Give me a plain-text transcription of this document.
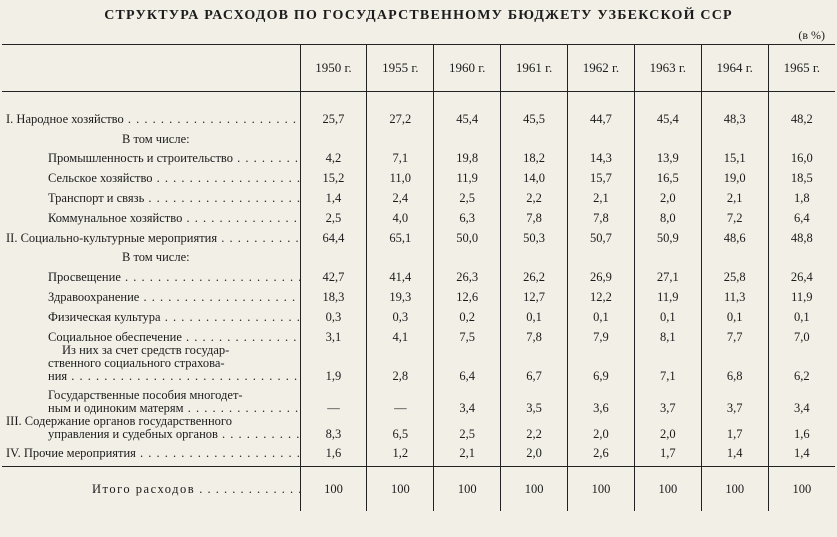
СТРУКТУРА РАСХОДОВ ПО ГОСУДАРСТВЕННОМУ БЮДЖЕТУ УЗБЕКСКОЙ ССР
(в %)
	1950 г.	1955 г.	1960 г.	1961 г.	1962 г.	1963 г.	1964 г.	1965 г.

I. Народное хозяйство . . .	25,7	27,2	45,4	45,5	44,7	45,4	48,3	48,2

В том числе:								

Промышленность и строительство . . .	4,2	7,1	19,8	18,2	14,3	13,9	15,1	16,0

Сельское хозяйство . . .	15,2	11,0	11,9	14,0	15,7	16,5	19,0	18,5

Транспорт и связь . . .	1,4	2,4	2,5	2,2	2,1	2,0	2,1	1,8

Коммунальное хозяйство . . .	2,5	4,0	6,3	7,8	7,8	8,0	7,2	6,4

II. Социально-культурные мероприятия . . .	64,4	65,1	50,0	50,3	50,7	50,9	48,6	48,8

В том числе:								

Просвещение . . .	42,7	41,4	26,3	26,2	26,9	27,1	25,8	26,4

Здравоохранение . . .	18,3	19,3	12,6	12,7	12,2	11,9	11,3	11,9

Физическая культура . . .	0,3	0,3	0,2	0,1	0,1	0,1	0,1	0,1

Социальное обеспечение . . .	3,1	4,1	7,5	7,8	7,9	8,1	7,7	7,0

Из них за счет средств государ-
ственного социального страхова-
ния . . .	1,9	2,8	6,4	6,7	6,9	7,1	6,8	6,2

Государственные пособия многодет-
ным и одиноким матерям . . .	—	—	3,4	3,5	3,6	3,7	3,7	3,4

III. Содержание органов государственного
управления и судебных органов . . .	8,3	6,5	2,5	2,2	2,0	2,0	1,7	1,6

IV. Прочие мероприятия . . .	1,6	1,2	2,1	2,0	2,6	1,7	1,4	1,4

Итого расходов . . .	100	100	100	100	100	100	100	100
